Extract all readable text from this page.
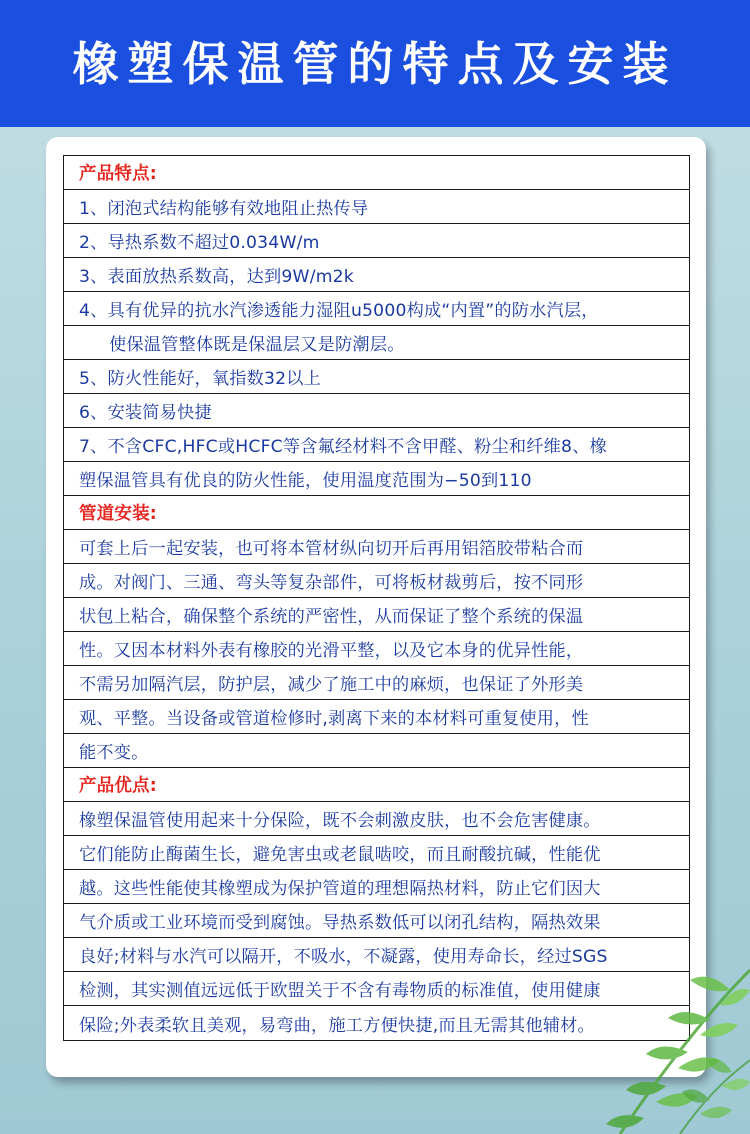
橡塑保温管的特点及安装
产品特点:
1、闭泡式结构能够有效地阻止热传导
2、导热系数不超过0.034W/m
3、表面放热系数高，达到9W/m2k
4、具有优异的抗水汽渗透能力湿阻u5000构成“内置”的防水汽层，
使保温管整体既是保温层又是防潮层。
5、防火性能好，氧指数32以上
6、安装简易快捷
7、不含CFC,HFC或HCFC等含氟经材料不含甲醛、粉尘和纤维8、橡
塑保温管具有优良的防火性能，使用温度范围为−50到110
管道安装:
可套上后一起安装，也可将本管材纵向切开后再用铝箔胶带粘合而
成。对阀门、三通、弯头等复杂部件，可将板材裁剪后，按不同形
状包上粘合，确保整个系统的严密性，从而保证了整个系统的保温
性。又因本材料外表有橡胶的光滑平整，以及它本身的优异性能，
不需另加隔汽层，防护层，减少了施工中的麻烦，也保证了外形美
观、平整。当设备或管道检修时,剥离下来的本材料可重复使用，性
能不变。
产品优点:
橡塑保温管使用起来十分保险，既不会刺激皮肤，也不会危害健康。
它们能防止酶菌生长，避免害虫或老鼠啮咬，而且耐酸抗碱，性能优
越。这些性能使其橡塑成为保护管道的理想隔热材料，防止它们因大
气介质或工业环境而受到腐蚀。导热系数低可以闭孔结构，隔热效果
良好;材料与水汽可以隔开，不吸水，不凝露，使用寿命长，经过SGS
检测，其实测值远远低于欧盟关于不含有毒物质的标准值，使用健康
保险;外表柔软且美观，易弯曲，施工方便快捷,而且无需其他辅材。
